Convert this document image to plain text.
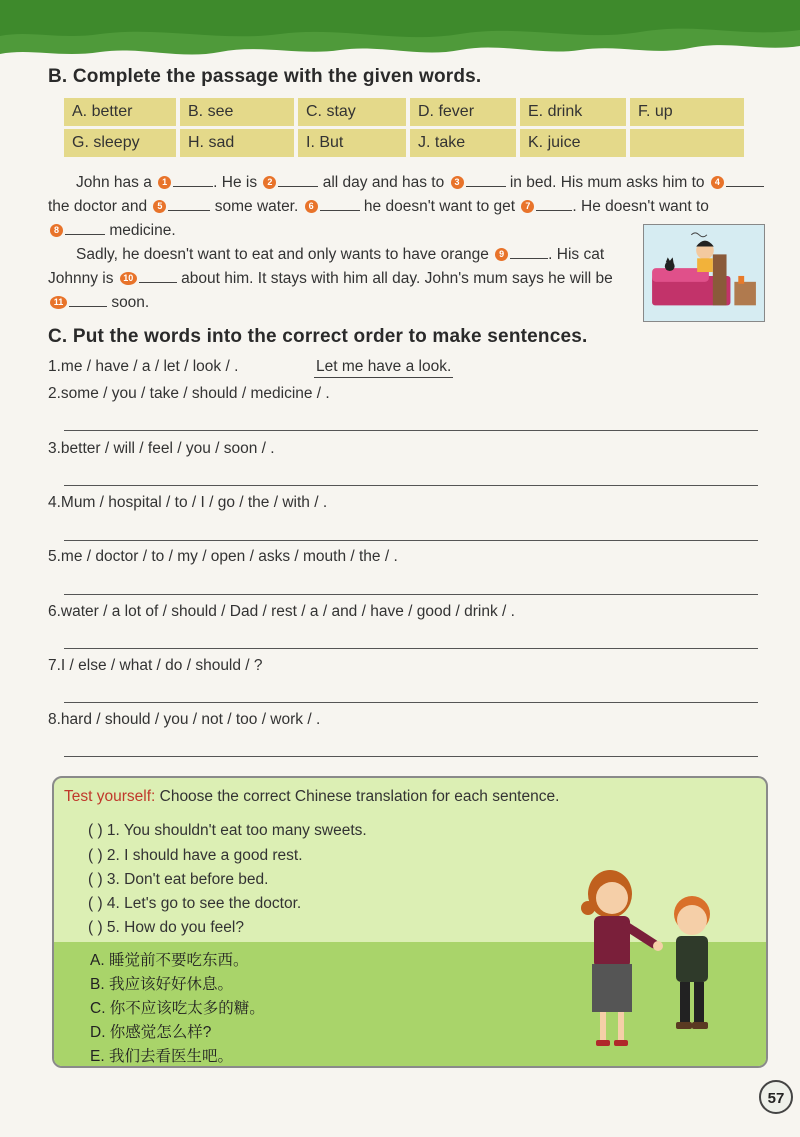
B. Complete the passage with the given words.
A. better	B. see	C. stay	D. fever	E. drink	F. up
G. sleepy	H. sad	I. But	J. take	K. juice
John has a 1	. He is 2	all day and has to 3	in bed. His mum asks him to 4
the doctor and 5	some water. 6	he doesn't want to get 7	. He doesn't want to
8	medicine.
Sadly, he doesn't want to eat and only wants to have orange 9	. His cat
Johnny is 10	about him. It stays with him all day. John's mum says he will be
11	soon.
C. Put the words into the correct order to make sentences.
1.me / have / a / let / look / .	Let me have a look.
2.some / you / take / should / medicine / .
3.better / will / feel / you / soon / .
4.Mum / hospital / to / I / go / the / with / .
5.me / doctor / to / my / open / asks / mouth / the / .
6.water / a lot of / should / Dad / rest / a / and / have / good / drink / .
7.I / else / what / do / should / ?
8.hard / should / you / not / too / work / .
Test yourself: Choose the correct Chinese translation for each sentence.
( ) 1. You shouldn't eat too many sweets.
( ) 2. I should have a good rest.
( ) 3. Don't eat before bed.
( ) 4. Let's go to see the doctor.
( ) 5. How do you feel?
A. 睡觉前不要吃东西。
B. 我应该好好休息。
C. 你不应该吃太多的糖。
D. 你感觉怎么样?
E. 我们去看医生吧。
57
